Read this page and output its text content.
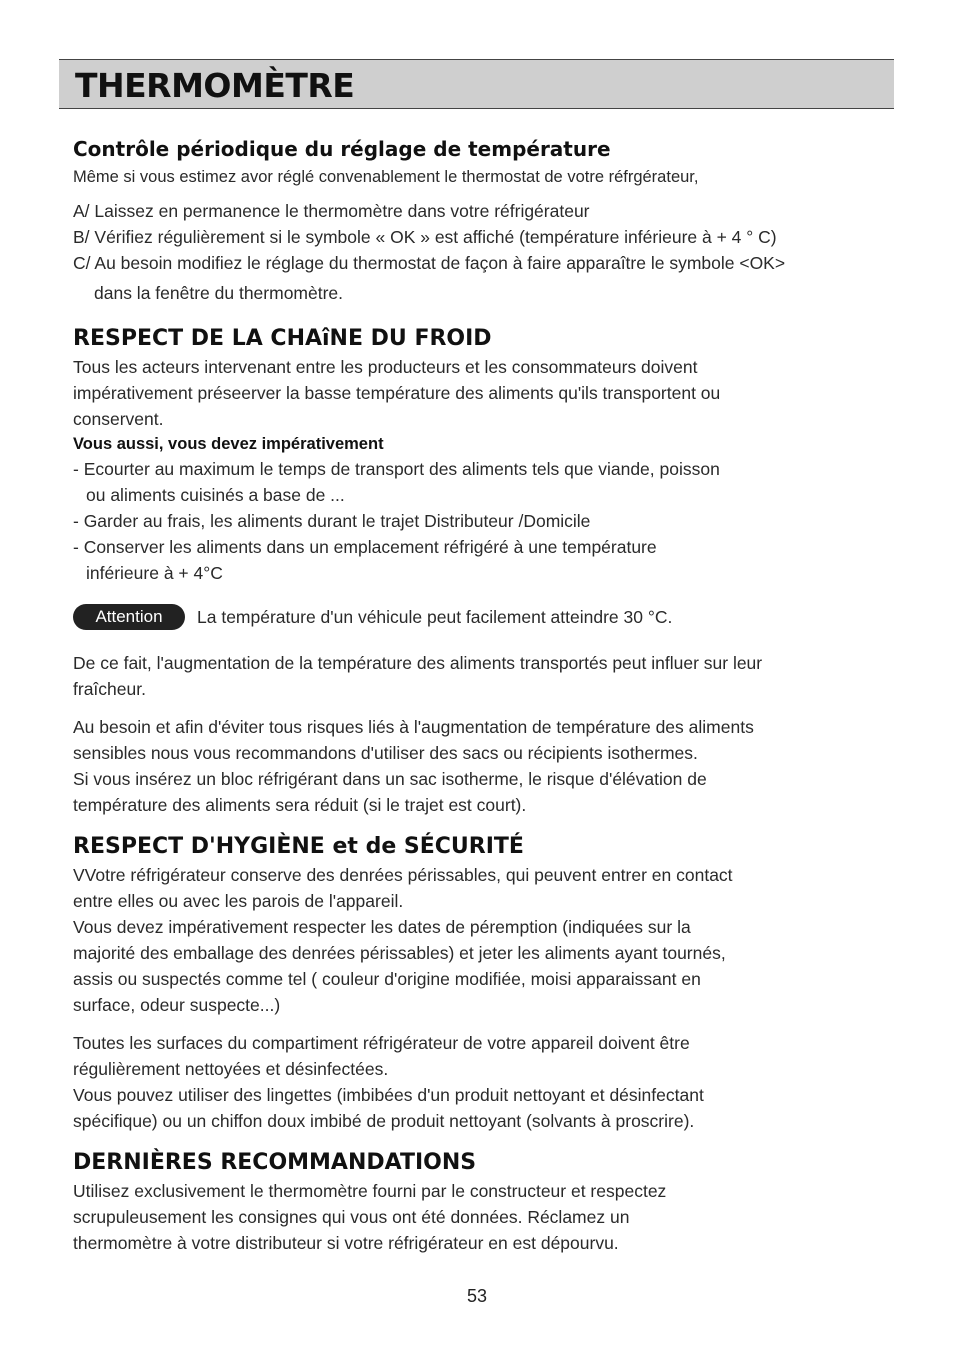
THERMOMÈTRE
Contrôle périodique du réglage de température

Même si vous estimez avor réglé convenablement le thermostat de votre réfrgérateur,

A/ Laissez en permanence le thermomètre dans votre réfrigérateur

B/ Vérifiez régulièrement si le symbole « OK » est affiché (température inférieure à + 4 ° C)

C/ Au besoin modifiez le réglage du thermostat de façon à faire apparaître le symbole <OK>

dans la fenêtre du thermomètre.

RESPECT DE LA CHAîNE DU FROID

Tous les acteurs intervenant entre les producteurs et les consommateurs doivent

impérativement préseerver la basse température des aliments qu'ils transportent ou

conservent.

Vous aussi, vous devez impérativement

- Ecourter au maximum le temps de transport des aliments tels que viande, poisson

ou aliments cuisinés a base de ...

- Garder au frais, les aliments durant le trajet Distributeur /Domicile

- Conserver les aliments dans un emplacement réfrigéré à une température

inférieure à + 4°C

Attention	La température d'un véhicule peut facilement atteindre 30 °C.

De ce fait, l'augmentation de la température des aliments transportés peut influer sur leur

fraîcheur.

Au besoin et afin d'éviter tous risques liés à l'augmentation de température des aliments

sensibles nous vous recommandons d'utiliser des sacs ou récipients isothermes.

Si vous insérez un bloc réfrigérant dans un sac isotherme, le risque d'élévation de

température des aliments sera réduit (si le trajet est court).

RESPECT D'HYGIÈNE et de SÉCURITÉ

VVotre réfrigérateur conserve des denrées périssables, qui peuvent entrer en contact

entre elles ou avec les parois de l'appareil.

Vous devez impérativement respecter les dates de péremption (indiquées sur la

majorité des emballage des denrées périssables) et jeter les aliments ayant tournés,

assis ou suspectés comme tel ( couleur d'origine modifiée, moisi apparaissant en

surface, odeur suspecte...)

Toutes les surfaces du compartiment réfrigérateur de votre appareil doivent être

régulièrement nettoyées et désinfectées.

Vous pouvez utiliser des lingettes (imbibées d'un produit nettoyant et désinfectant

spécifique) ou un chiffon doux imbibé de produit nettoyant (solvants à proscrire).

DERNIÈRES RECOMMANDATIONS

Utilisez exclusivement le thermomètre fourni par le constructeur et respectez

scrupuleusement les consignes qui vous ont été données. Réclamez un

thermomètre à votre distributeur si votre réfrigérateur en est dépourvu.

53
